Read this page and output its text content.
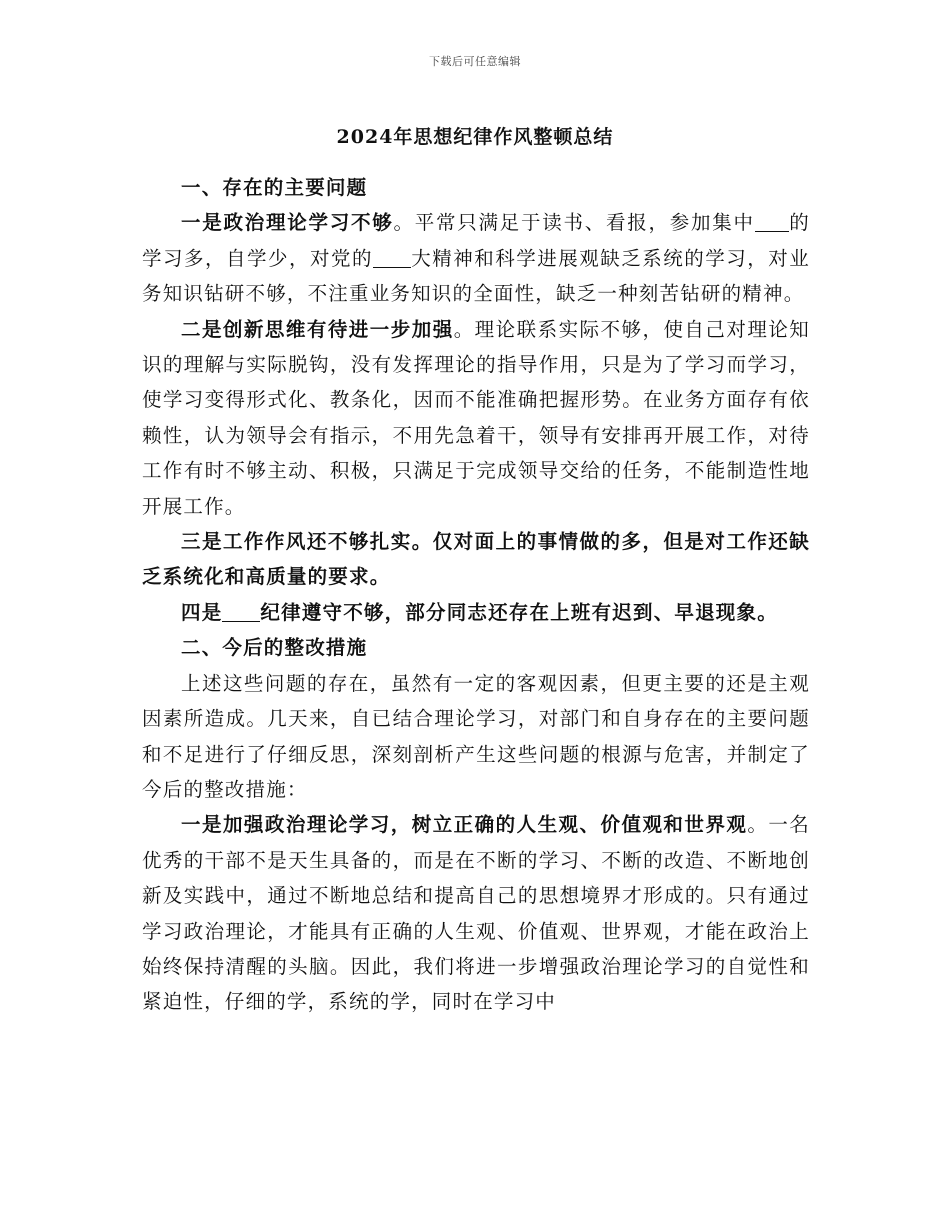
下载后可任意编辑
2024年思想纪律作风整顿总结

一、存在的主要问题

一是政治理论学习不够。平常只满足于读书、看报，参加集中 的学习多，自学少，对党的 大精神和科学进展观缺乏系统的学习，对业务知识钻研不够，不注重业务知识的全面性，缺乏一种刻苦钻研的精神。

二是创新思维有待进一步加强。理论联系实际不够，使自己对理论知识的理解与实际脱钩，没有发挥理论的指导作用，只是为了学习而学习，使学习变得形式化、教条化，因而不能准确把握形势。在业务方面存有依赖性，认为领导会有指示，不用先急着干，领导有安排再开展工作，对待工作有时不够主动、积极，只满足于完成领导交给的任务，不能制造性地开展工作。

三是工作作风还不够扎实。仅对面上的事情做的多，但是对工作还缺乏系统化和高质量的要求。

四是 纪律遵守不够，部分同志还存在上班有迟到、早退现象。

二、今后的整改措施

上述这些问题的存在，虽然有一定的客观因素，但更主要的还是主观因素所造成。几天来，自已结合理论学习，对部门和自身存在的主要问题和不足进行了仔细反思，深刻剖析产生这些问题的根源与危害，并制定了今后的整改措施：

一是加强政治理论学习，树立正确的人生观、价值观和世界观。一名优秀的干部不是天生具备的，而是在不断的学习、不断的改造、不断地创新及实践中，通过不断地总结和提高自己的思想境界才形成的。只有通过学习政治理论，才能具有正确的人生观、价值观、世界观，才能在政治上始终保持清醒的头脑。因此，我们将进一步增强政治理论学习的自觉性和紧迫性，仔细的学，系统的学，同时在学习中
